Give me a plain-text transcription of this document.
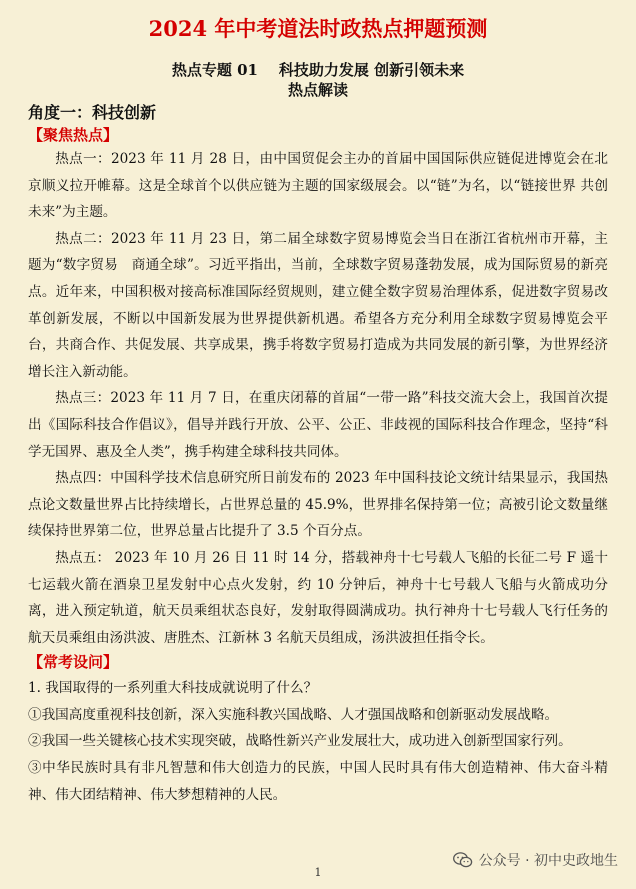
2024 年中考道法时政热点押题预测
热点专题 01    科技助力发展 创新引领未来
热点解读
角度一：科技创新
【聚焦热点】

热点一：2023 年 11 月 28 日，由中国贸促会主办的首届中国国际供应链促进博览会在北京顺义拉开帷幕。这是全球首个以供应链为主题的国家级展会。以“链”为名，以“链接世界 共创未来”为主题。

热点二：2023 年 11 月 23 日，第二届全球数字贸易博览会当日在浙江省杭州市开幕，主题为“数字贸易　商通全球”。习近平指出，当前，全球数字贸易蓬勃发展，成为国际贸易的新亮点。近年来，中国积极对接高标准国际经贸规则，建立健全数字贸易治理体系，促进数字贸易改革创新发展，不断以中国新发展为世界提供新机遇。希望各方充分利用全球数字贸易博览会平台，共商合作、共促发展、共享成果，携手将数字贸易打造成为共同发展的新引擎，为世界经济增长注入新动能。

热点三：2023 年 11 月 7 日，在重庆闭幕的首届“一带一路”科技交流大会上，我国首次提出《国际科技合作倡议》，倡导并践行开放、公平、公正、非歧视的国际科技合作理念，坚持“科学无国界、惠及全人类”，携手构建全球科技共同体。

热点四：中国科学技术信息研究所日前发布的 2023 年中国科技论文统计结果显示，我国热点论文数量世界占比持续增长，占世界总量的 45.9%，世界排名保持第一位；高被引论文数量继续保持世界第二位，世界总量占比提升了 3.5 个百分点。

热点五： 2023 年 10 月 26 日 11 时 14 分，搭载神舟十七号载人飞船的长征二号 F 遥十七运载火箭在酒泉卫星发射中心点火发射，约 10 分钟后，神舟十七号载人飞船与火箭成功分离，进入预定轨道，航天员乘组状态良好，发射取得圆满成功。执行神舟十七号载人飞行任务的航天员乘组由汤洪波、唐胜杰、江新林 3 名航天员组成，汤洪波担任指令长。

【常考设问】

1. 我国取得的一系列重大科技成就说明了什么？

①我国高度重视科技创新，深入实施科教兴国战略、人才强国战略和创新驱动发展战略。

②我国一些关键核心技术实现突破，战略性新兴产业发展壮大，成功进入创新型国家行列。

③中华民族时具有非凡智慧和伟大创造力的民族，中国人民时具有伟大创造精神、伟大奋斗精神、伟大团结精神、伟大梦想精神的人民。

1
公众号 · 初中史政地生
